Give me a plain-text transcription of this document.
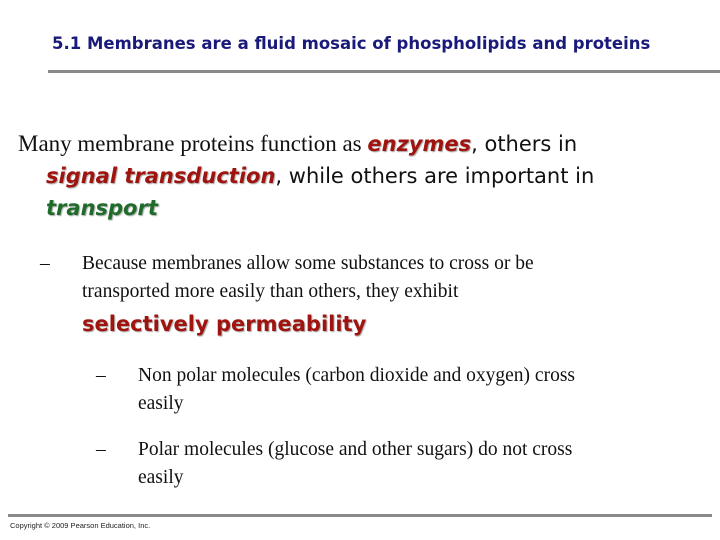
5.1 Membranes are a fluid mosaic of phospholipids and proteins
Many membrane proteins function as enzymes, others in
signal transduction, while others are important in
transport
– Because membranes allow some substances to cross or be
transported more easily than others, they exhibit
selectively permeability
– Non polar molecules (carbon dioxide and oxygen) cross
easily
– Polar molecules (glucose and other sugars) do not cross
easily
Copyright © 2009 Pearson Education, Inc.
